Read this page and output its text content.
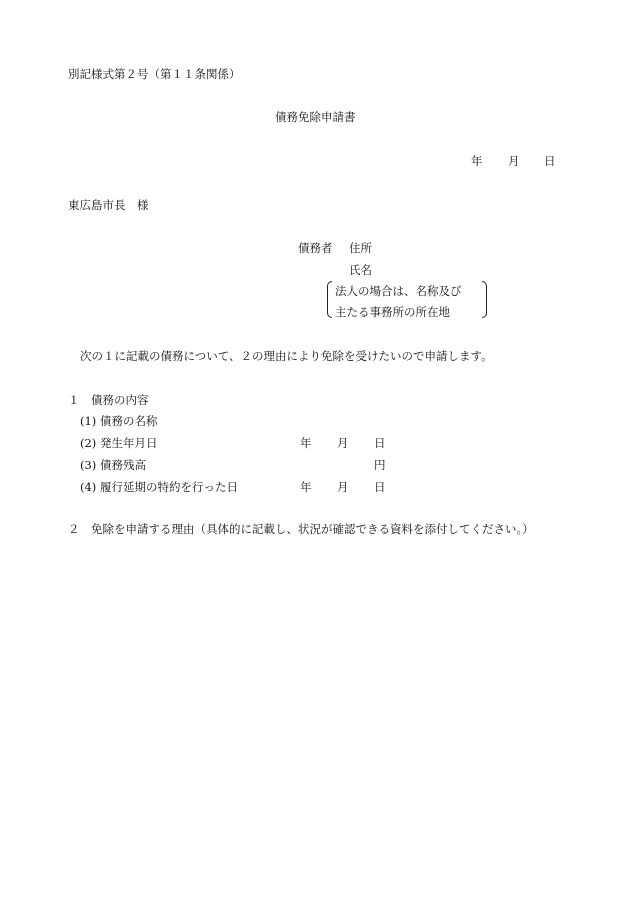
別記様式第２号（第１１条関係）
債務免除申請書
年 月 日
東広島市長　様
債務者 住所
氏名
法人の場合は、名称及び
主たる事務所の所在地
次の１に記載の債務について、２の理由により免除を受けたいので申請します。
１　債務の内容
(1) 債務の名称
(2) 発生年月日	年 月 日
(3) 債務残高	円
(4) 履行延期の特約を行った日	年 月 日
２　免除を申請する理由（具体的に記載し、状況が確認できる資料を添付してください。）
